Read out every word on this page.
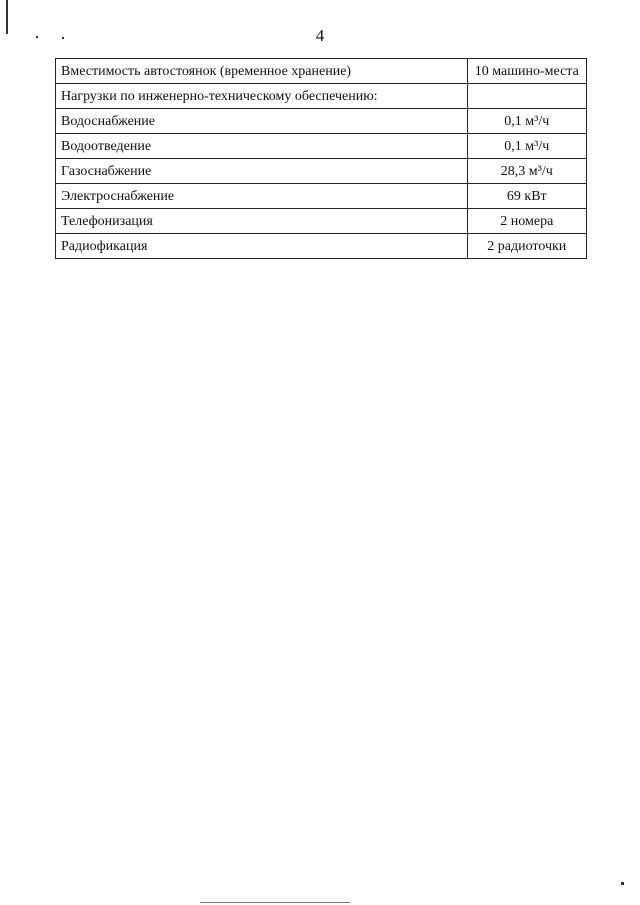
4
Вместимость автостоянок (временное хранение)	10 машино-места
Нагрузки по инженерно-техническому обеспечению:	
Водоснабжение	0,1 м³/ч
Водоотведение	0,1 м³/ч
Газоснабжение	28,3 м³/ч
Электроснабжение	69 кВт
Телефонизация	2 номера
Радиофикация	2 радиоточки
